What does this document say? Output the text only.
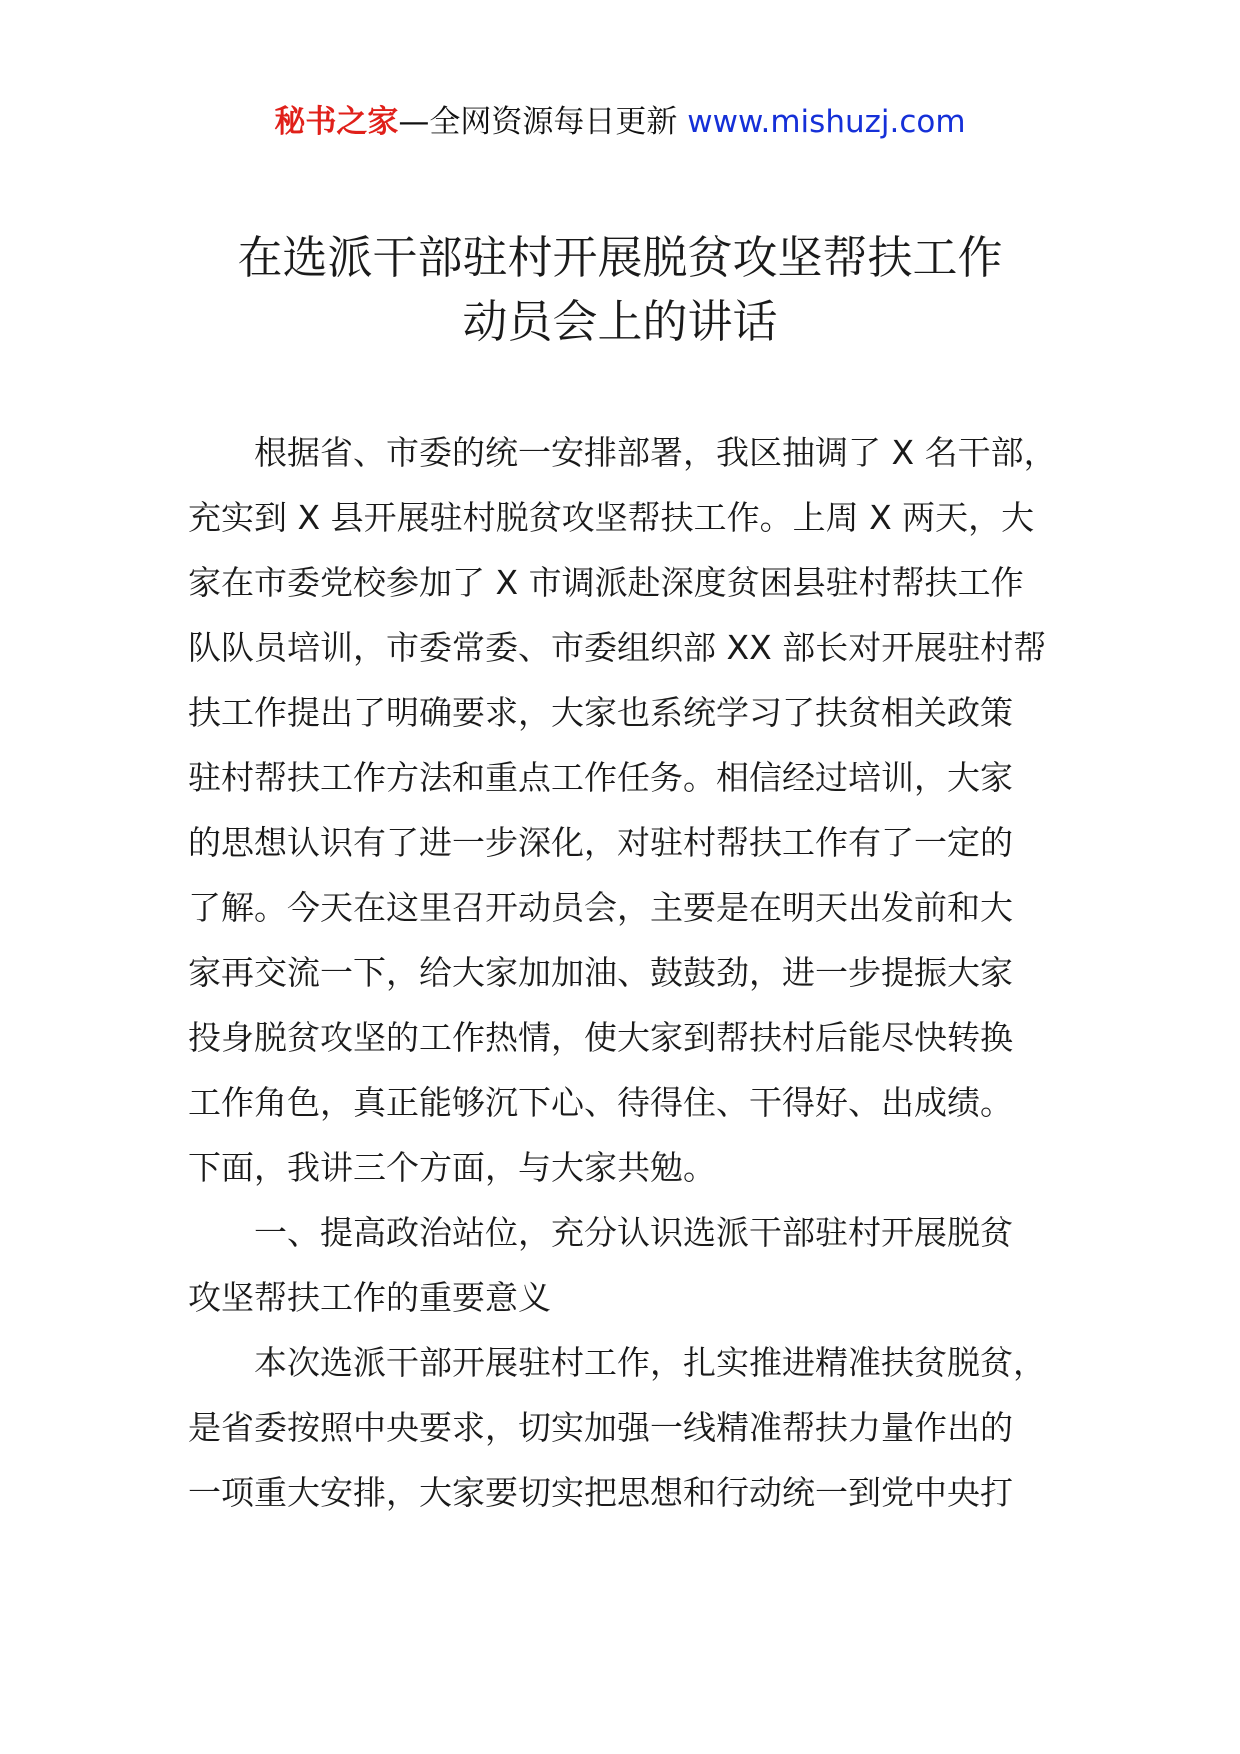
秘书之家—全网资源每日更新 www.mishuzj.com
在选派干部驻村开展脱贫攻坚帮扶工作
动员会上的讲话

根据省、市委的统一安排部署，我区抽调了 X 名干部，

充实到 X 县开展驻村脱贫攻坚帮扶工作。上周 X 两天，大

家在市委党校参加了 X 市调派赴深度贫困县驻村帮扶工作

队队员培训，市委常委、市委组织部 XX 部长对开展驻村帮

扶工作提出了明确要求，大家也系统学习了扶贫相关政策

驻村帮扶工作方法和重点工作任务。相信经过培训，大家

的思想认识有了进一步深化，对驻村帮扶工作有了一定的

了解。今天在这里召开动员会，主要是在明天出发前和大

家再交流一下，给大家加加油、鼓鼓劲，进一步提振大家

投身脱贫攻坚的工作热情，使大家到帮扶村后能尽快转换

工作角色，真正能够沉下心、待得住、干得好、出成绩。

下面，我讲三个方面，与大家共勉。

一、提高政治站位，充分认识选派干部驻村开展脱贫

攻坚帮扶工作的重要意义

本次选派干部开展驻村工作，扎实推进精准扶贫脱贫，

是省委按照中央要求，切实加强一线精准帮扶力量作出的

一项重大安排，大家要切实把思想和行动统一到党中央打
